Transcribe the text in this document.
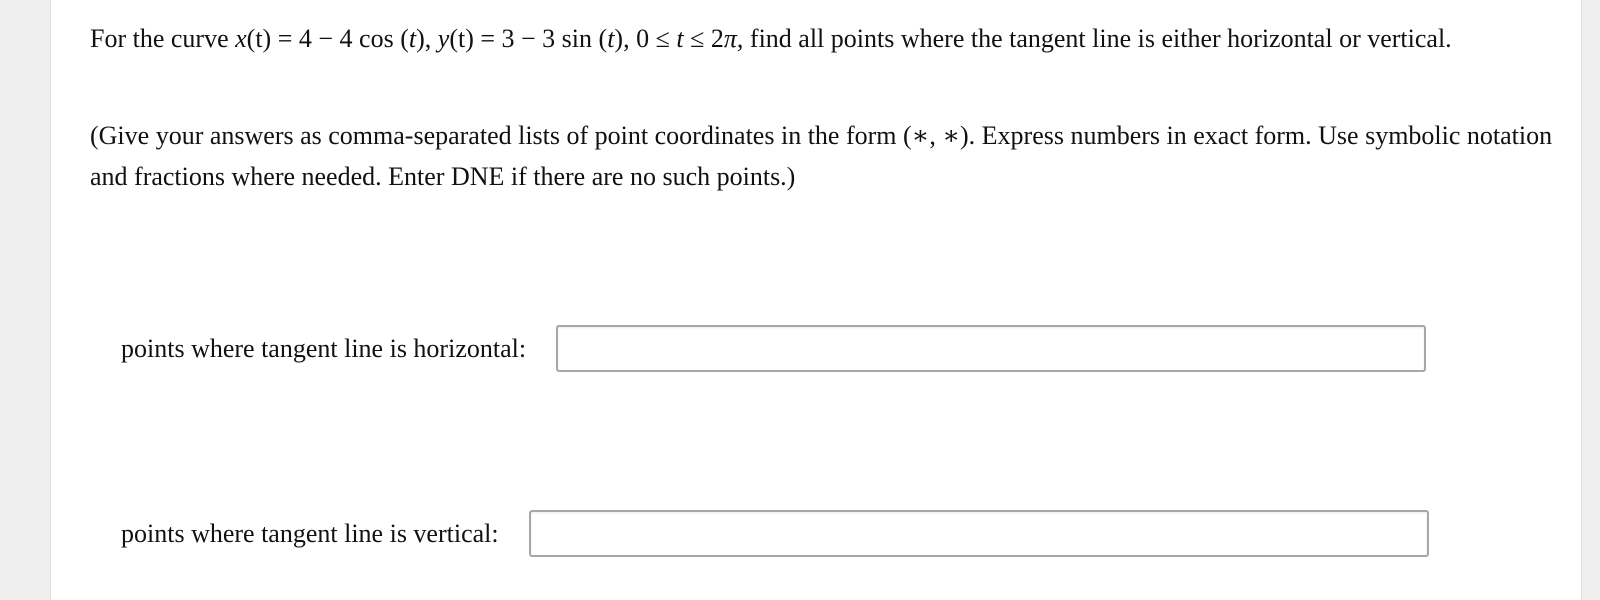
For the curve x(t) = 4 − 4 cos (t), y(t) = 3 − 3 sin (t), 0 ≤ t ≤ 2π, find all points where the tangent line is either horizontal or vertical.
(Give your answers as comma-separated lists of point coordinates in the form (∗, ∗). Express numbers in exact form. Use symbolic notation and fractions where needed. Enter DNE if there are no such points.)
points where tangent line is horizontal:
points where tangent line is vertical:
